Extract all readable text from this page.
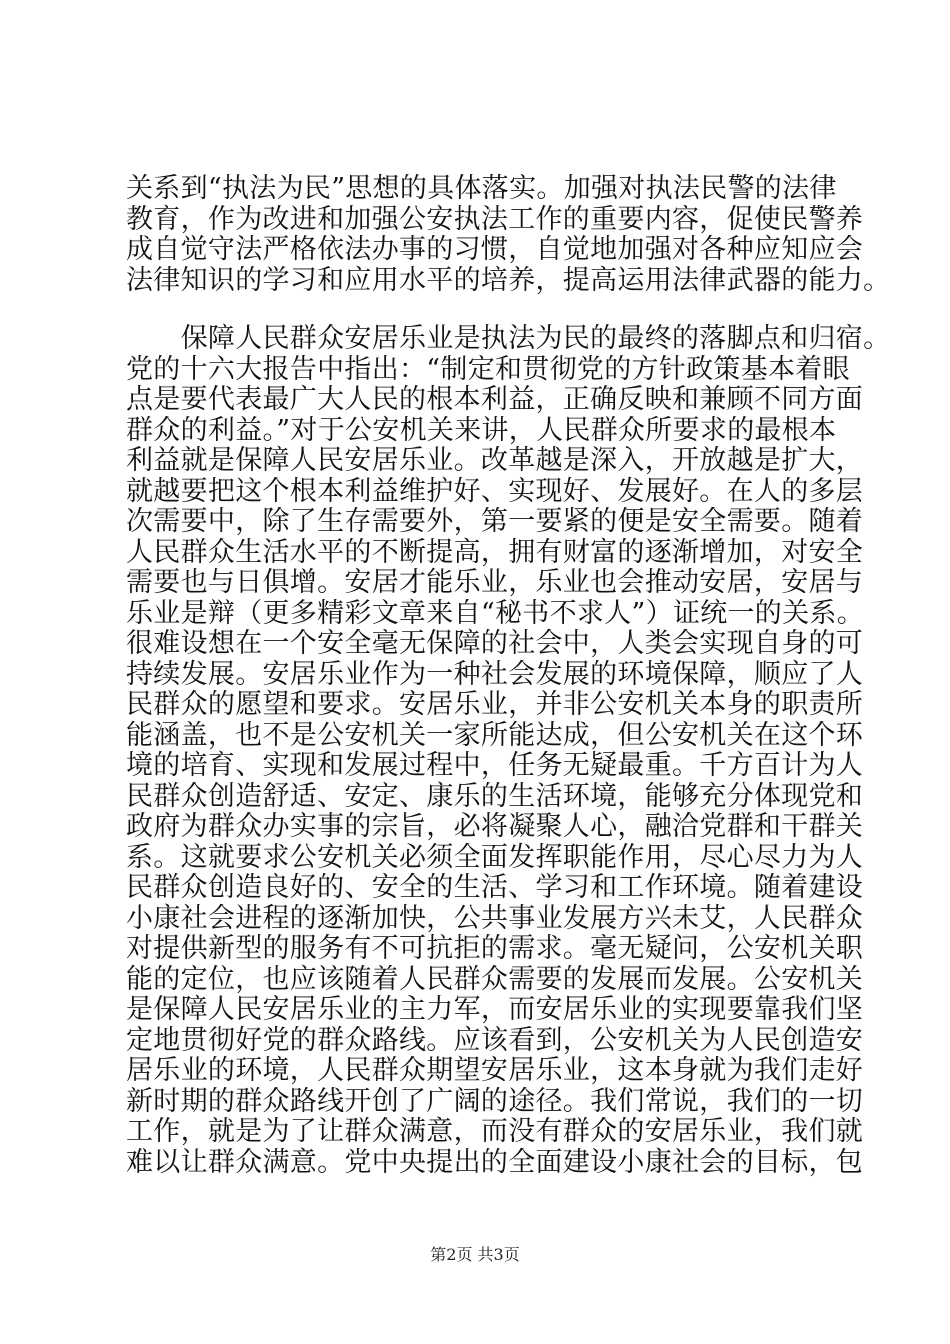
关系到“执法为民”思想的具体落实。加强对执法民警的法律
教育，作为改进和加强公安执法工作的重要内容，促使民警养
成自觉守法严格依法办事的习惯，自觉地加强对各种应知应会
法律知识的学习和应用水平的培养，提高运用法律武器的能力。
　　保障人民群众安居乐业是执法为民的最终的落脚点和归宿。
党的十六大报告中指出：“制定和贯彻党的方针政策基本着眼
点是要代表最广大人民的根本利益，正确反映和兼顾不同方面
群众的利益。”对于公安机关来讲，人民群众所要求的最根本
利益就是保障人民安居乐业。改革越是深入，开放越是扩大，
就越要把这个根本利益维护好、实现好、发展好。在人的多层
次需要中，除了生存需要外，第一要紧的便是安全需要。随着
人民群众生活水平的不断提高，拥有财富的逐渐增加，对安全
需要也与日俱增。安居才能乐业，乐业也会推动安居，安居与
乐业是辩（更多精彩文章来自“秘书不求人”）证统一的关系。
很难设想在一个安全毫无保障的社会中，人类会实现自身的可
持续发展。安居乐业作为一种社会发展的环境保障，顺应了人
民群众的愿望和要求。安居乐业，并非公安机关本身的职责所
能涵盖，也不是公安机关一家所能达成，但公安机关在这个环
境的培育、实现和发展过程中，任务无疑最重。千方百计为人
民群众创造舒适、安定、康乐的生活环境，能够充分体现党和
政府为群众办实事的宗旨，必将凝聚人心，融洽党群和干群关
系。这就要求公安机关必须全面发挥职能作用，尽心尽力为人
民群众创造良好的、安全的生活、学习和工作环境。随着建设
小康社会进程的逐渐加快，公共事业发展方兴未艾，人民群众
对提供新型的服务有不可抗拒的需求。毫无疑问，公安机关职
能的定位，也应该随着人民群众需要的发展而发展。公安机关
是保障人民安居乐业的主力军，而安居乐业的实现要靠我们坚
定地贯彻好党的群众路线。应该看到，公安机关为人民创造安
居乐业的环境，人民群众期望安居乐业，这本身就为我们走好
新时期的群众路线开创了广阔的途径。我们常说，我们的一切
工作，就是为了让群众满意，而没有群众的安居乐业，我们就
难以让群众满意。党中央提出的全面建设小康社会的目标，包
第2页 共3页
